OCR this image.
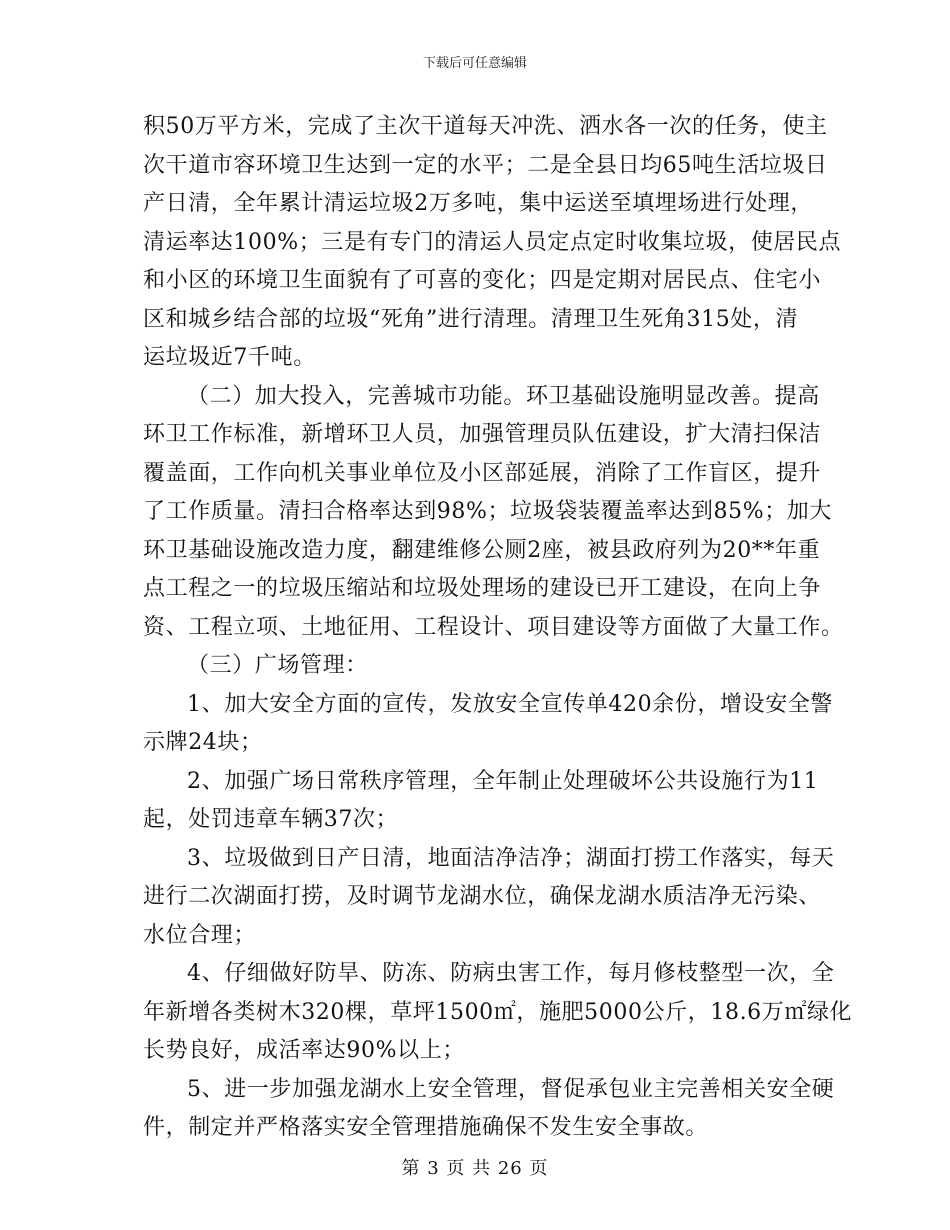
下载后可任意编辑
积50万平方米，完成了主次干道每天冲洗、洒水各一次的任务，使主
次干道市容环境卫生达到一定的水平；二是全县日均65吨生活垃圾日
产日清，全年累计清运垃圾2万多吨，集中运送至填埋场进行处理，
清运率达100%；三是有专门的清运人员定点定时收集垃圾，使居民点
和小区的环境卫生面貌有了可喜的变化；四是定期对居民点、住宅小
区和城乡结合部的垃圾“死角”进行清理。清理卫生死角315处，清
运垃圾近7千吨。
（二）加大投入，完善城市功能。环卫基础设施明显改善。提高
环卫工作标准，新增环卫人员，加强管理员队伍建设，扩大清扫保洁
覆盖面，工作向机关事业单位及小区部延展，消除了工作盲区，提升
了工作质量。清扫合格率达到98%；垃圾袋装覆盖率达到85%；加大
环卫基础设施改造力度，翻建维修公厕2座，被县政府列为20**年重
点工程之一的垃圾压缩站和垃圾处理场的建设已开工建设，在向上争
资、工程立项、土地征用、工程设计、项目建设等方面做了大量工作。
（三）广场管理：
1、加大安全方面的宣传，发放安全宣传单420余份，增设安全警
示牌24块；
2、加强广场日常秩序管理，全年制止处理破坏公共设施行为11
起，处罚违章车辆37次；
3、垃圾做到日产日清，地面洁净洁净；湖面打捞工作落实，每天
进行二次湖面打捞，及时调节龙湖水位，确保龙湖水质洁净无污染、
水位合理；
4、仔细做好防旱、防冻、防病虫害工作，每月修枝整型一次，全
年新增各类树木320棵，草坪1500㎡，施肥5000公斤，18.6万㎡绿化
长势良好，成活率达90%以上；
5、进一步加强龙湖水上安全管理，督促承包业主完善相关安全硬
件，制定并严格落实安全管理措施确保不发生安全事故。
第 3 页 共 26 页
